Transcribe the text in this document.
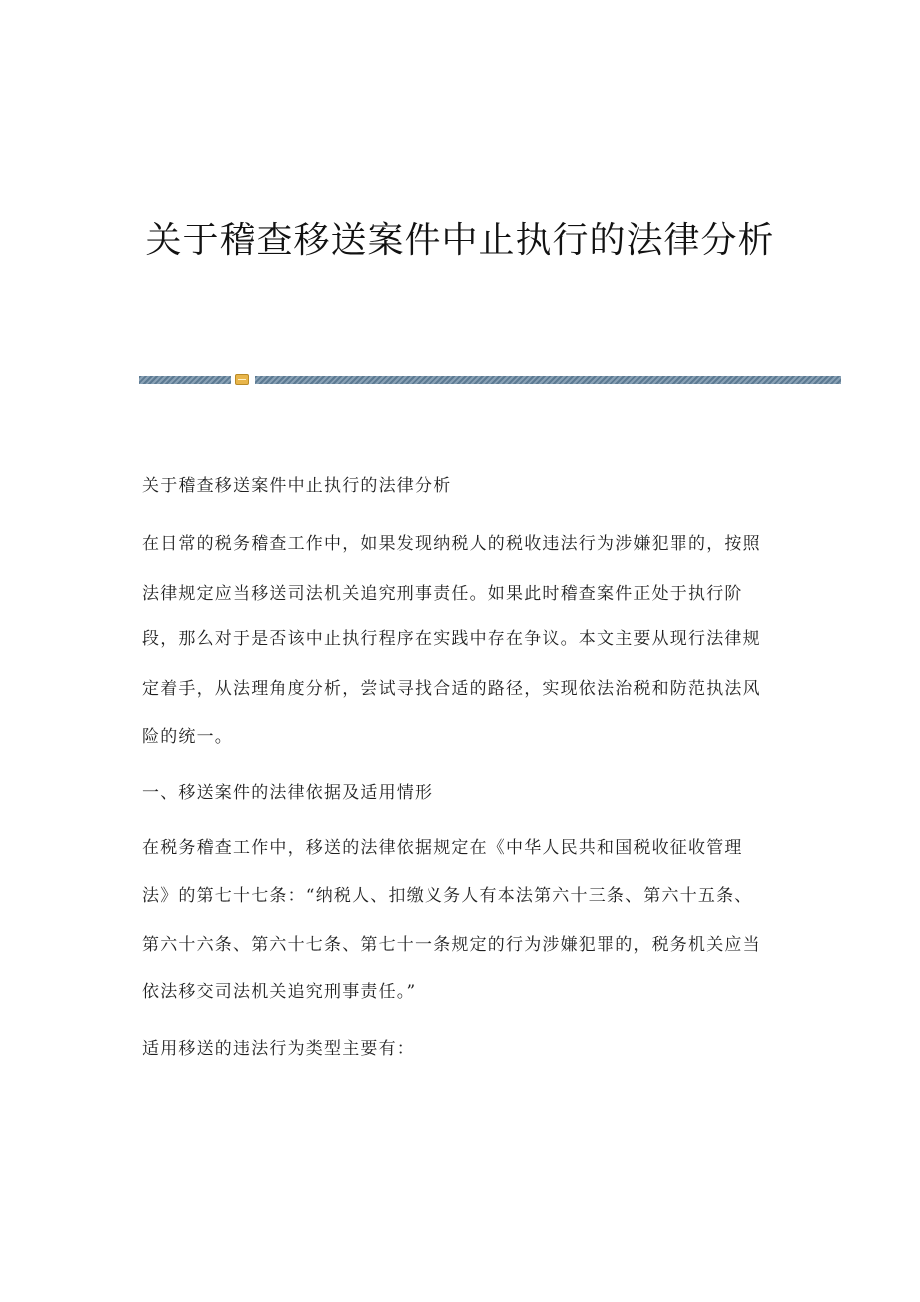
关于稽查移送案件中止执行的法律分析
关于稽查移送案件中止执行的法律分析
在日常的税务稽查工作中，如果发现纳税人的税收违法行为涉嫌犯罪的，按照
法律规定应当移送司法机关追究刑事责任。如果此时稽查案件正处于执行阶
段，那么对于是否该中止执行程序在实践中存在争议。本文主要从现行法律规
定着手，从法理角度分析，尝试寻找合适的路径，实现依法治税和防范执法风
险的统一。
一、移送案件的法律依据及适用情形
在税务稽查工作中，移送的法律依据规定在《中华人民共和国税收征收管理
法》的第七十七条：“纳税人、扣缴义务人有本法第六十三条、第六十五条、
第六十六条、第六十七条、第七十一条规定的行为涉嫌犯罪的，税务机关应当
依法移交司法机关追究刑事责任。”
适用移送的违法行为类型主要有：
